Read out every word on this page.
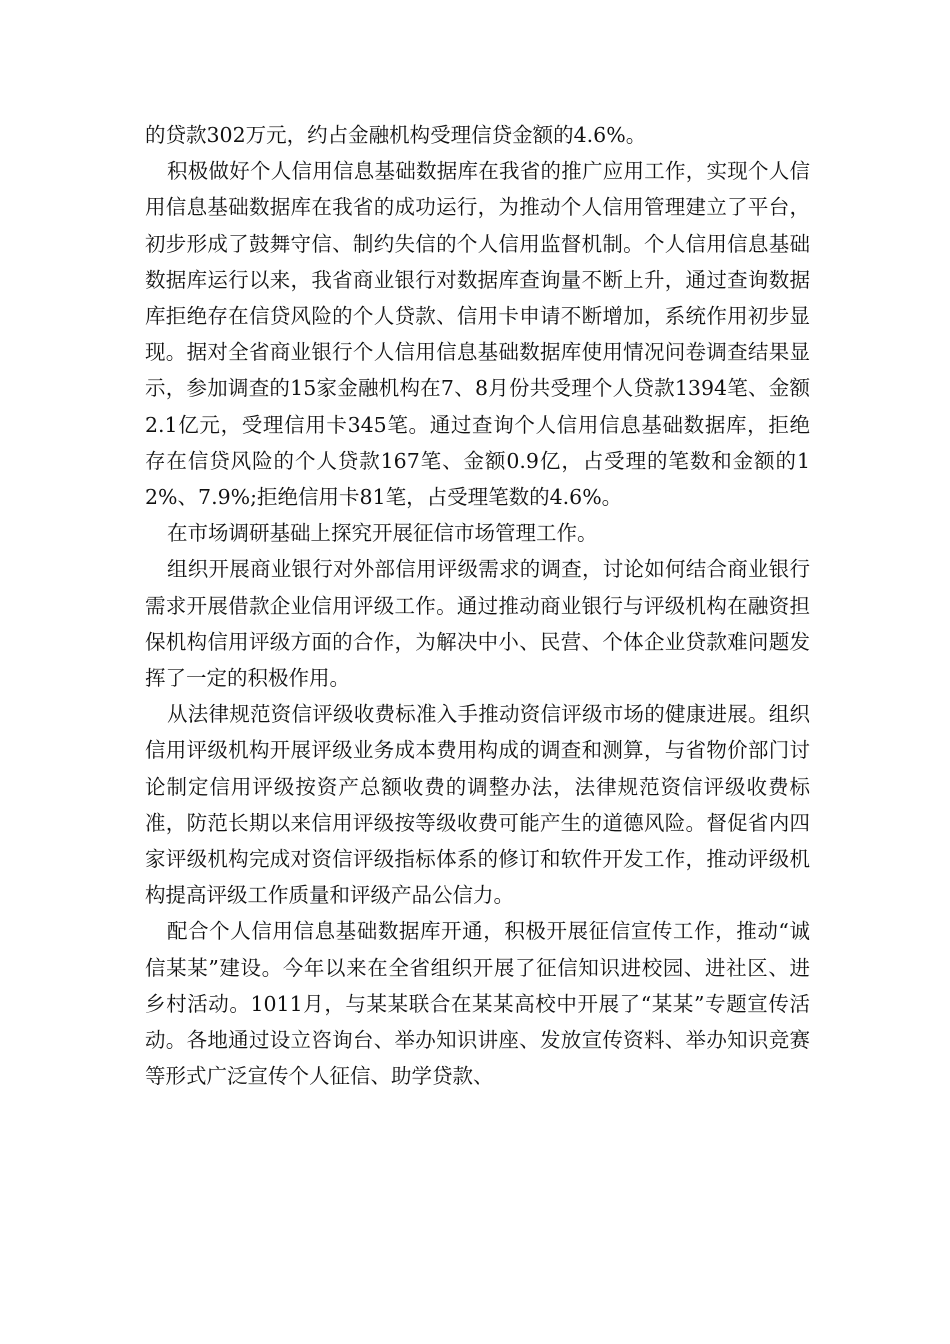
的贷款302万元，约占金融机构受理信贷金额的4.6%。

积极做好个人信用信息基础数据库在我省的推广应用工作，实现个人信用信息基础数据库在我省的成功运行，为推动个人信用管理建立了平台，初步形成了鼓舞守信、制约失信的个人信用监督机制。个人信用信息基础数据库运行以来，我省商业银行对数据库查询量不断上升，通过查询数据库拒绝存在信贷风险的个人贷款、信用卡申请不断增加，系统作用初步显现。据对全省商业银行个人信用信息基础数据库使用情况问卷调查结果显示，参加调查的15家金融机构在7、8月份共受理个人贷款1394笔、金额2.1亿元，受理信用卡345笔。通过查询个人信用信息基础数据库，拒绝存在信贷风险的个人贷款167笔、金额0.9亿，占受理的笔数和金额的12%、7.9%;拒绝信用卡81笔，占受理笔数的4.6%。

在市场调研基础上探究开展征信市场管理工作。

组织开展商业银行对外部信用评级需求的调查，讨论如何结合商业银行需求开展借款企业信用评级工作。通过推动商业银行与评级机构在融资担保机构信用评级方面的合作，为解决中小、民营、个体企业贷款难问题发挥了一定的积极作用。

从法律规范资信评级收费标准入手推动资信评级市场的健康进展。组织信用评级机构开展评级业务成本费用构成的调查和测算，与省物价部门讨论制定信用评级按资产总额收费的调整办法，法律规范资信评级收费标准，防范长期以来信用评级按等级收费可能产生的道德风险。督促省内四家评级机构完成对资信评级指标体系的修订和软件开发工作，推动评级机构提高评级工作质量和评级产品公信力。

配合个人信用信息基础数据库开通，积极开展征信宣传工作，推动“诚信某某”建设。今年以来在全省组织开展了征信知识进校园、进社区、进乡村活动。1011月，与某某联合在某某高校中开展了“某某”专题宣传活动。各地通过设立咨询台、举办知识讲座、发放宣传资料、举办知识竞赛等形式广泛宣传个人征信、助学贷款、
